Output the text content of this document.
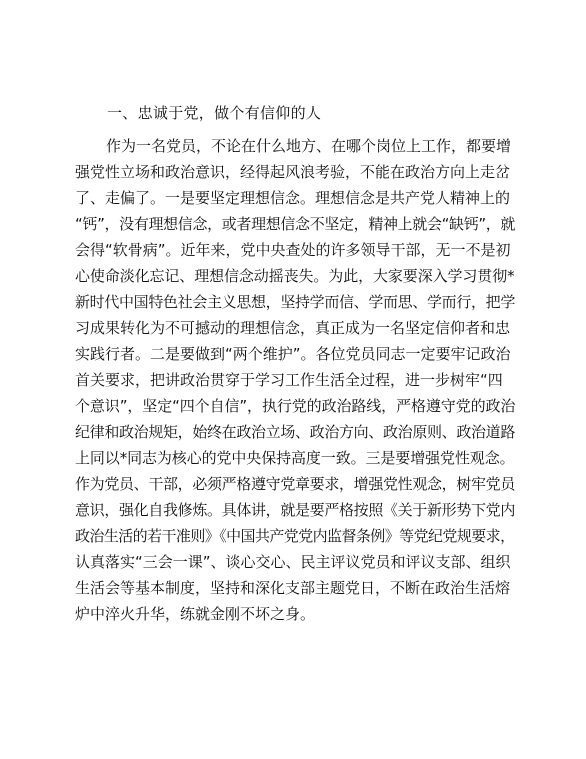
一、忠诚于党，做个有信仰的人
作为一名党员，不论在什么地方、在哪个岗位上工作，都要增
强党性立场和政治意识，经得起风浪考验，不能在政治方向上走岔
了、走偏了。一是要坚定理想信念。理想信念是共产党人精神上的
“钙”，没有理想信念，或者理想信念不坚定，精神上就会“缺钙”，就
会得“软骨病”。近年来，党中央查处的许多领导干部，无一不是初
心使命淡化忘记、理想信念动摇丧失。为此，大家要深入学习贯彻*
新时代中国特色社会主义思想，坚持学而信、学而思、学而行，把学
习成果转化为不可撼动的理想信念，真正成为一名坚定信仰者和忠
实践行者。二是要做到“两个维护”。各位党员同志一定要牢记政治
首关要求，把讲政治贯穿于学习工作生活全过程，进一步树牢“四
个意识”，坚定“四个自信”，执行党的政治路线，严格遵守党的政治
纪律和政治规矩，始终在政治立场、政治方向、政治原则、政治道路
上同以*同志为核心的党中央保持高度一致。三是要增强党性观念。
作为党员、干部，必须严格遵守党章要求，增强党性观念，树牢党员
意识，强化自我修炼。具体讲，就是要严格按照《关于新形势下党内
政治生活的若干准则》《中国共产党党内监督条例》等党纪党规要求，
认真落实“三会一课”、谈心交心、民主评议党员和评议支部、组织
生活会等基本制度，坚持和深化支部主题党日，不断在政治生活熔
炉中淬火升华，练就金刚不坏之身。
